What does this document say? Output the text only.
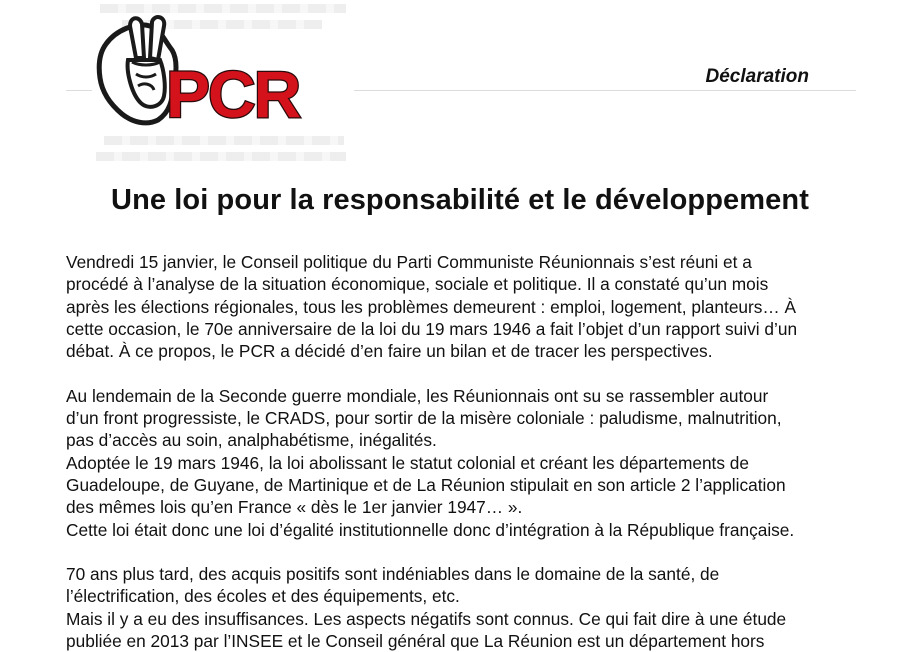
PCR	Déclaration
Une loi pour la responsabilité et le développement
Vendredi 15 janvier, le Conseil politique du Parti Communiste Réunionnais s’est réuni et a
procédé à l’analyse de la situation économique, sociale et politique. Il a constaté qu’un mois
après les élections régionales, tous les problèmes demeurent : emploi, logement, planteurs… À
cette occasion, le 70e anniversaire de la loi du 19 mars 1946 a fait l’objet d’un rapport suivi d’un
débat. À ce propos, le PCR a décidé d’en faire un bilan et de tracer les perspectives.
Au lendemain de la Seconde guerre mondiale, les Réunionnais ont su se rassembler autour
d’un front progressiste, le CRADS, pour sortir de la misère coloniale : paludisme, malnutrition,
pas d’accès au soin, analphabétisme, inégalités.
Adoptée le 19 mars 1946, la loi abolissant le statut colonial et créant les départements de
Guadeloupe, de Guyane, de Martinique et de La Réunion stipulait en son article 2 l’application
des mêmes lois qu’en France « dès le 1er janvier 1947… ».
Cette loi était donc une loi d’égalité institutionnelle donc d’intégration à la République française.
70 ans plus tard, des acquis positifs sont indéniables dans le domaine de la santé, de
l’électrification, des écoles et des équipements, etc.
Mais il y a eu des insuffisances. Les aspects négatifs sont connus. Ce qui fait dire à une étude
publiée en 2013 par l’INSEE et le Conseil général que La Réunion est un département hors
